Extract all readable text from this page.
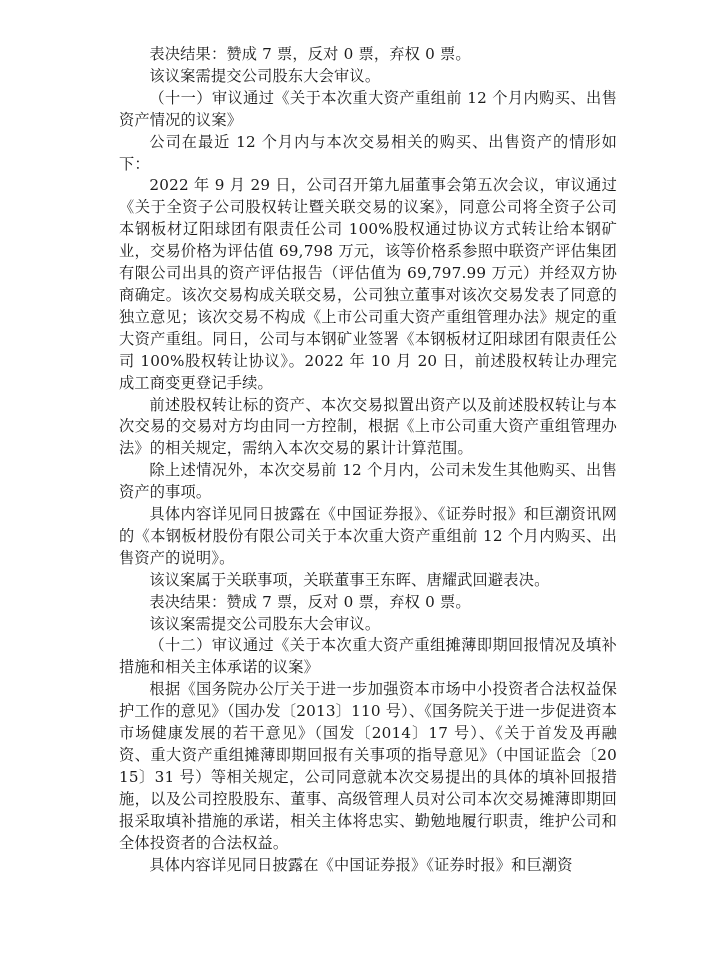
表决结果：赞成 7 票，反对 0 票，弃权 0 票。

该议案需提交公司股东大会审议。

（十一）审议通过《关于本次重大资产重组前 12 个月内购买、出售资产情况的议案》

公司在最近 12 个月内与本次交易相关的购买、出售资产的情形如下：

2022 年 9 月 29 日，公司召开第九届董事会第五次会议，审议通过《关于全资子公司股权转让暨关联交易的议案》，同意公司将全资子公司本钢板材辽阳球团有限责任公司 100%股权通过协议方式转让给本钢矿业，交易价格为评估值 69,798 万元，该等价格系参照中联资产评估集团有限公司出具的资产评估报告（评估值为 69,797.99 万元）并经双方协商确定。该次交易构成关联交易，公司独立董事对该次交易发表了同意的独立意见；该次交易不构成《上市公司重大资产重组管理办法》规定的重大资产重组。同日，公司与本钢矿业签署《本钢板材辽阳球团有限责任公司 100%股权转让协议》。2022 年 10 月 20 日，前述股权转让办理完成工商变更登记手续。

前述股权转让标的资产、本次交易拟置出资产以及前述股权转让与本次交易的交易对方均由同一方控制，根据《上市公司重大资产重组管理办法》的相关规定，需纳入本次交易的累计计算范围。

除上述情况外，本次交易前 12 个月内，公司未发生其他购买、出售资产的事项。

具体内容详见同日披露在《中国证券报》、《证券时报》和巨潮资讯网的《本钢板材股份有限公司关于本次重大资产重组前 12 个月内购买、出售资产的说明》。

该议案属于关联事项，关联董事王东晖、唐耀武回避表决。

表决结果：赞成 7 票，反对 0 票，弃权 0 票。

该议案需提交公司股东大会审议。

（十二）审议通过《关于本次重大资产重组摊薄即期回报情况及填补措施和相关主体承诺的议案》

根据《国务院办公厅关于进一步加强资本市场中小投资者合法权益保护工作的意见》（国办发〔2013〕110 号）、《国务院关于进一步促进资本市场健康发展的若干意见》（国发〔2014〕17 号）、《关于首发及再融资、重大资产重组摊薄即期回报有关事项的指导意见》（中国证监会〔2015〕31 号）等相关规定，公司同意就本次交易提出的具体的填补回报措施，以及公司控股股东、董事、高级管理人员对公司本次交易摊薄即期回报采取填补措施的承诺，相关主体将忠实、勤勉地履行职责，维护公司和全体投资者的合法权益。

具体内容详见同日披露在《中国证券报》《证券时报》和巨潮资
